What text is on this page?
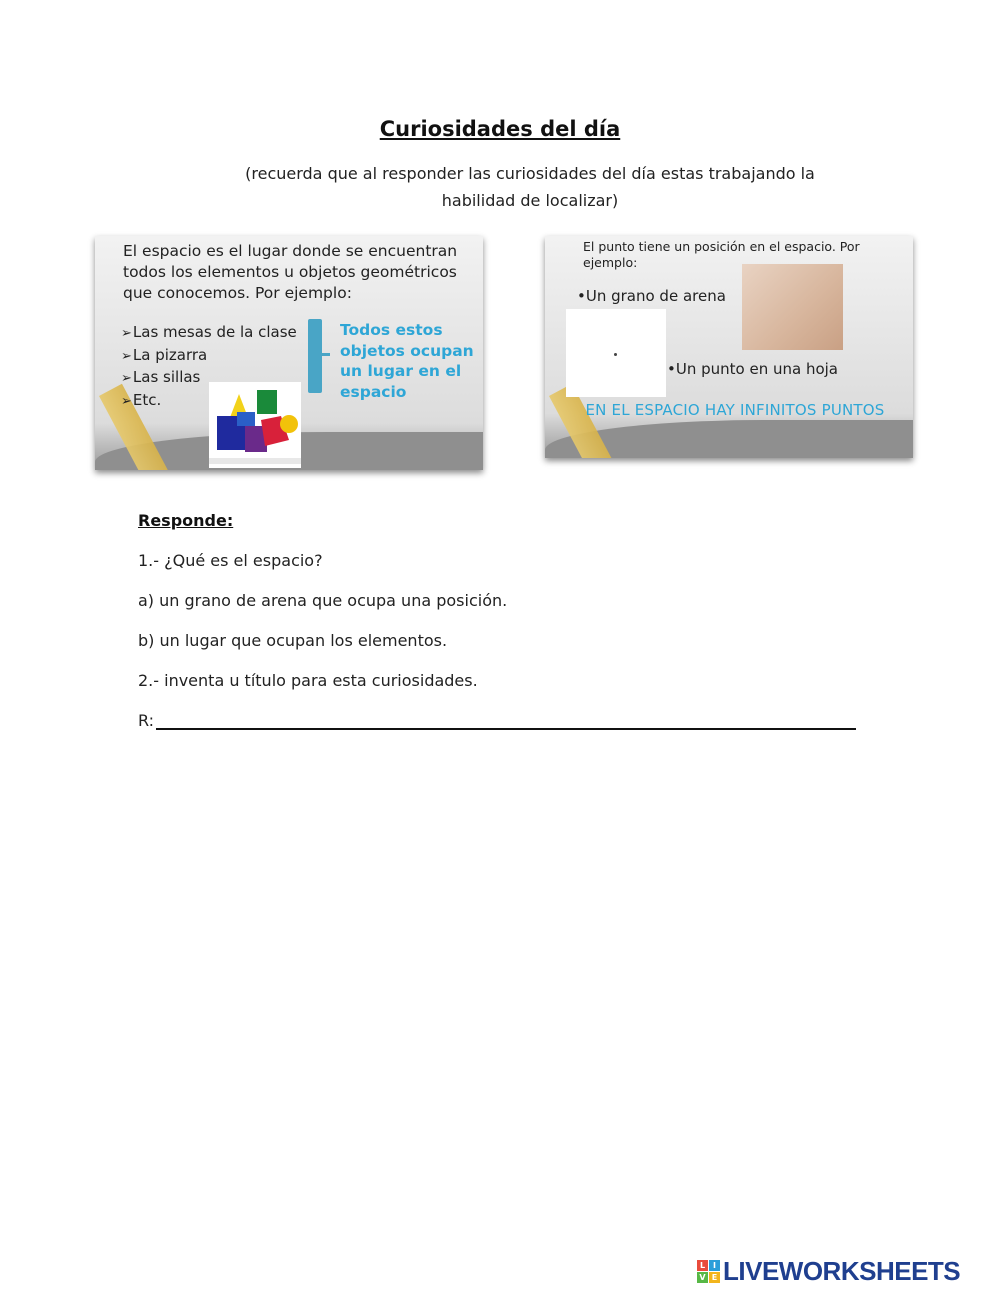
Curiosidades del día
(recuerda que al responder las curiosidades del día estas trabajando la habilidad de localizar)
El espacio es el lugar donde se encuentran todos los elementos u objetos geométricos que conocemos. Por ejemplo:
➢ Las mesas de la clase
➢ La pizarra
➢ Las sillas
➢ Etc.
Todos estos objetos ocupan un lugar en el espacio
El punto tiene un posición en el espacio. Por ejemplo:
•Un grano de arena
•Un punto en una hoja
EN EL ESPACIO HAY INFINITOS PUNTOS
Responde:
1.- ¿Qué es el espacio?
a) un grano de arena que ocupa una posición.
b) un lugar que ocupan los elementos.
2.- inventa u título para esta curiosidades.
R:
L I
V E LIVEWORKSHEETS
